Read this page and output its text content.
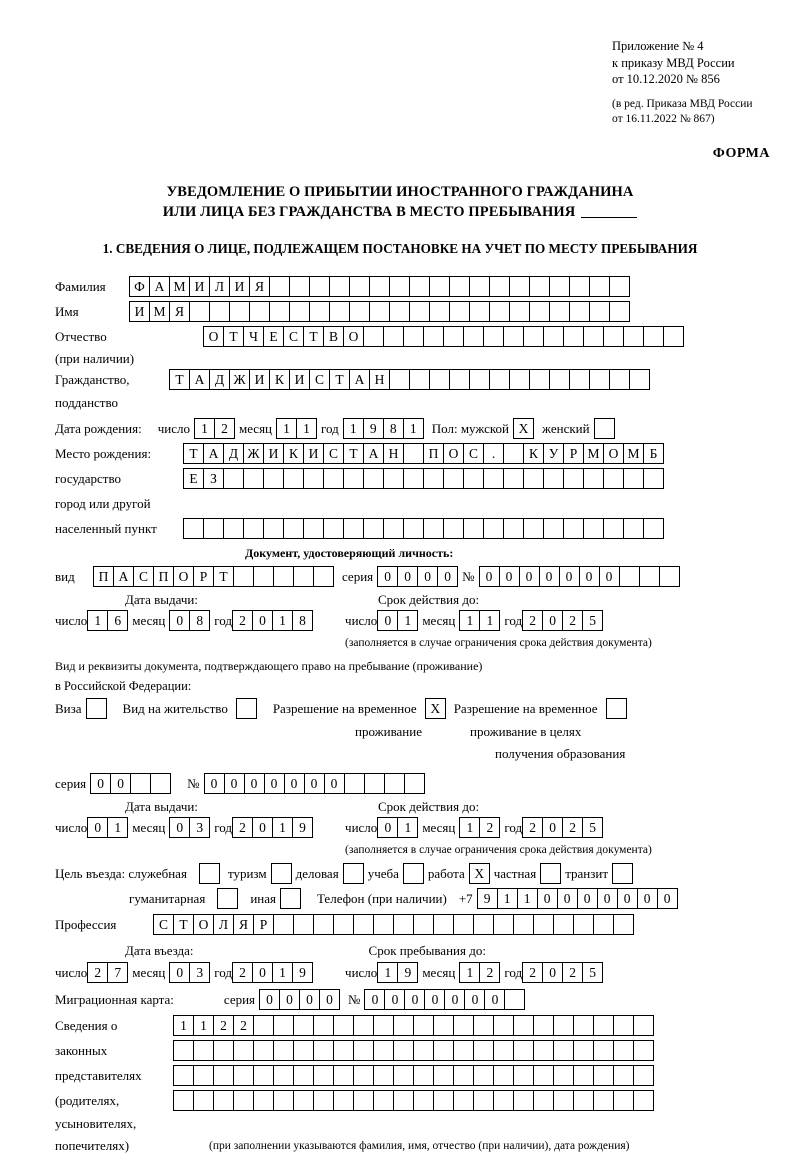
Приложение № 4
к приказу МВД России
от 10.12.2020 № 856
(в ред. Приказа МВД России
от 16.11.2022 № 867)
ФОРМА
УВЕДОМЛЕНИЕ О ПРИБЫТИИ ИНОСТРАННОГО ГРАЖДАНИНА
ИЛИ ЛИЦА БЕЗ ГРАЖДАНСТВА В МЕСТО ПРЕБЫВАНИЯ
1. СВЕДЕНИЯ О ЛИЦЕ, ПОДЛЕЖАЩЕМ ПОСТАНОВКЕ НА УЧЕТ ПО МЕСТУ ПРЕБЫВАНИЯ
Фамилия	Ф А М И Л И Я
Имя	И М Я
Отчество	О Т Ч Е С Т В О
(при наличии)
Гражданство,	Т А Д Ж И К И С Т А Н
подданство
Дата рождения: число 1 2 месяц 1 1 год 1 9 8 1	Пол: мужской Х	женский
Место рождения:	Т А Д Ж И К И С Т А Н	П О С	.	К У Р М О М Б
государство	Е З
город или другой
населенный пункт
Документ, удостоверяющий личность:
вид	П А С П О Р Т	серия 0 0 0 0 № 0 0 0 0 0 0 0
Дата выдачи:	Срок действия до:
число 1 6 месяц 0 8 год 2 0 1 8	число 0 1 месяц 1 1 год 2 0 2 5
(заполняется в случае ограничения срока действия документа)
Вид и реквизиты документа, подтверждающего право на пребывание (проживание)
в Российской Федерации:
Виза	Вид на жительство	Разрешение на временное	Х	Разрешение на временное
проживание	проживание в целях
получения образования
серия 0 0	№ 0 0 0 0 0 0 0
Дата выдачи:	Срок действия до:
число 0 1 месяц 0 3 год 2 0 1 9	число 0 1 месяц 1 2 год 2 0 2 5
(заполняется в случае ограничения срока действия документа)
Цель въезда: служебная	туризм деловая учеба работа Х частная транзит
гуманитарная	иная	Телефон (при наличии) +7 9 1 1 0 0 0 0 0 0 0
Профессия	С Т О Л Я Р
Дата въезда:	Срок пребывания до:
число 2 7 месяц 0 3 год 2 0 1 9	число 1 9 месяц 1 2 год 2 0 2 5
Миграционная карта:	серия 0 0 0 0	№ 0 0 0 0 0 0 0
Сведения о	1 1 2 2
законных
представителях
(родителях,
усыновителях,
попечителях)	(при заполнении указываются фамилия, имя, отчество (при наличии), дата рождения)
